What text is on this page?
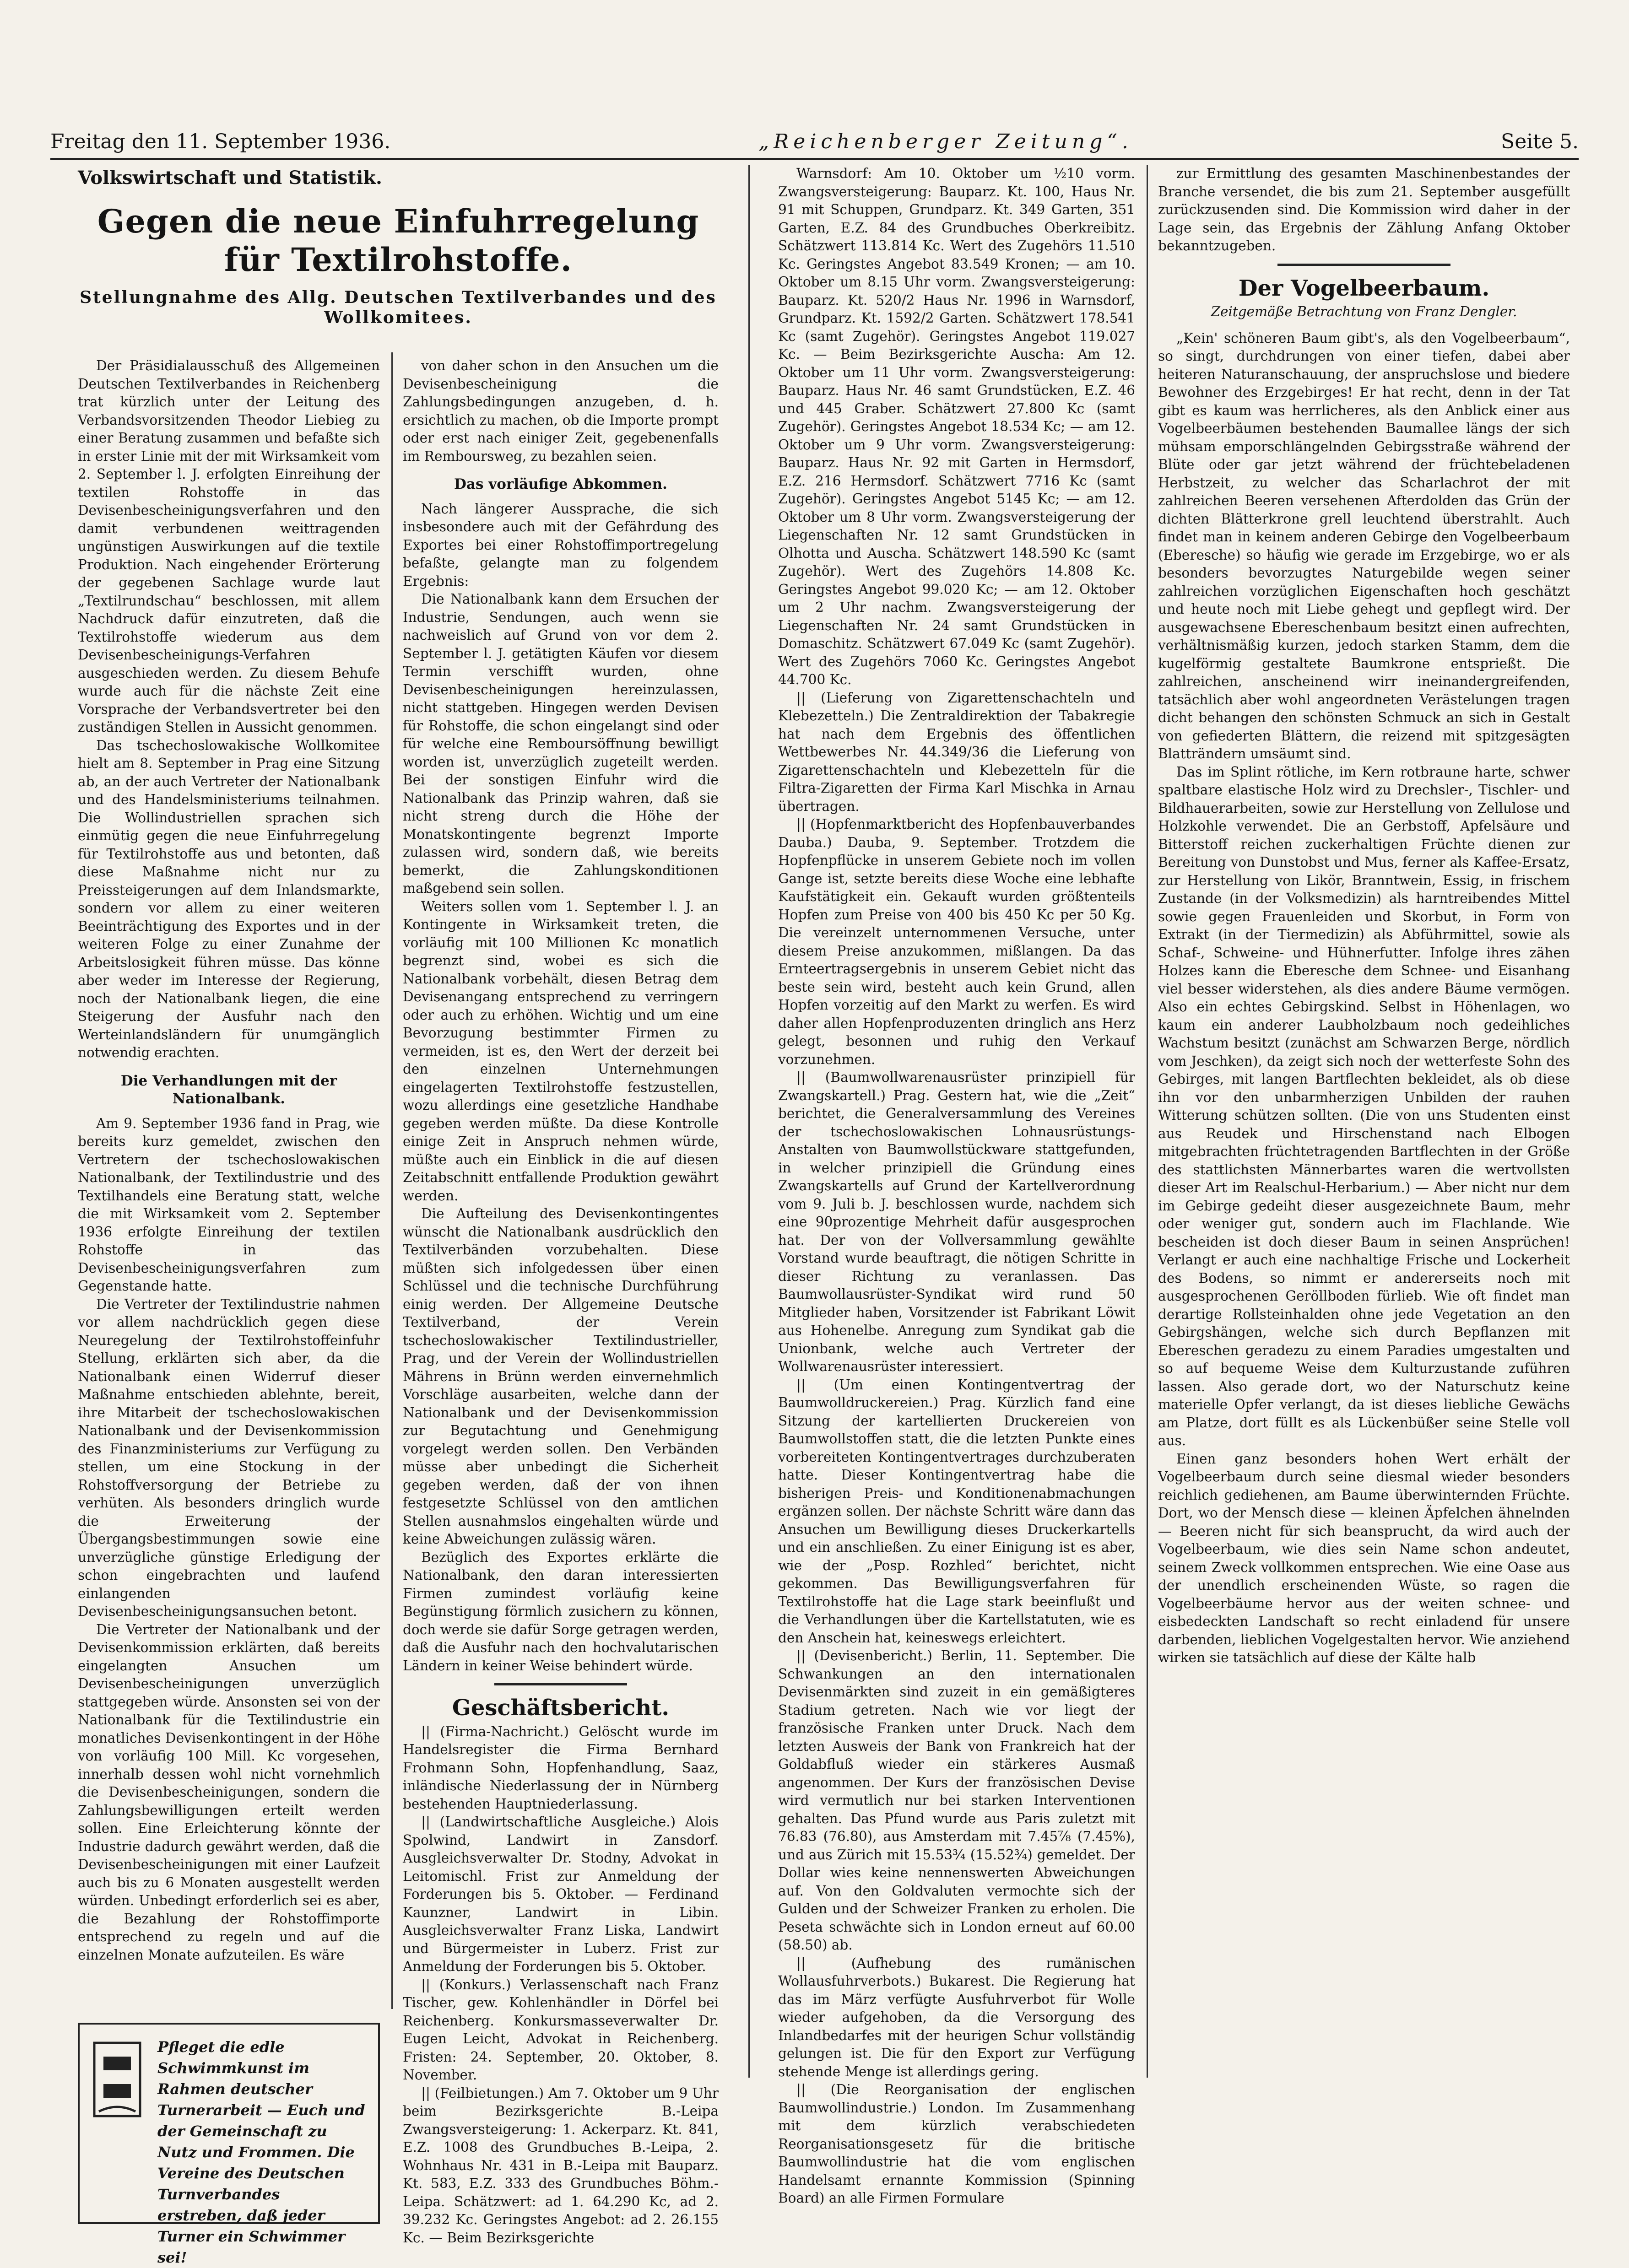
Freitag den 11. September 1936.	„Reichenberger Zeitung“.	Seite 5.
Volkswirtschaft und Statistik.
Gegen die neue Einfuhrregelung für Textilrohstoffe.
Stellungnahme des Allg. Deutschen Textilverbandes und des Wollkomitees.

Der Präsidialausschuß des Allgemeinen Deutschen Textilverbandes in Reichenberg trat kürzlich unter der Leitung des Verbandsvorsitzenden Theodor Liebieg zu einer Beratung zusammen und befaßte sich in erster Linie mit der mit Wirksamkeit vom 2. September l. J. erfolgten Einreihung der textilen Rohstoffe in das Devisenbescheinigungsverfahren und den damit verbundenen weittragenden ungünstigen Auswirkungen auf die textile Produktion. Nach eingehender Erörterung der gegebenen Sachlage wurde laut „Textilrundschau“ beschlossen, mit allem Nachdruck dafür einzutreten, daß die Textilrohstoffe wiederum aus dem Devisenbescheinigungs-Verfahren ausgeschieden werden. Zu diesem Behufe wurde auch für die nächste Zeit eine Vorsprache der Verbandsvertreter bei den zuständigen Stellen in Aussicht genommen.

Das tschechoslowakische Wollkomitee hielt am 8. September in Prag eine Sitzung ab, an der auch Vertreter der Nationalbank und des Handelsministeriums teilnahmen. Die Wollindustriellen sprachen sich einmütig gegen die neue Einfuhrregelung für Textilrohstoffe aus und betonten, daß diese Maßnahme nicht nur zu Preissteigerungen auf dem Inlandsmarkte, sondern vor allem zu einer weiteren Beeinträchtigung des Exportes und in der weiteren Folge zu einer Zunahme der Arbeitslosigkeit führen müsse. Das könne aber weder im Interesse der Regierung, noch der Nationalbank liegen, die eine Steigerung der Ausfuhr nach den Werteinlandsländern für unumgänglich notwendig erachten.

Die Verhandlungen mit der Nationalbank.

Am 9. September 1936 fand in Prag, wie bereits kurz gemeldet, zwischen den Vertretern der tschechoslowakischen Nationalbank, der Textilindustrie und des Textilhandels eine Beratung statt, welche die mit Wirksamkeit vom 2. September 1936 erfolgte Einreihung der textilen Rohstoffe in das Devisenbescheinigungsverfahren zum Gegenstande hatte.

Die Vertreter der Textilindustrie nahmen vor allem nachdrücklich gegen diese Neuregelung der Textilrohstoffeinfuhr Stellung, erklärten sich aber, da die Nationalbank einen Widerruf dieser Maßnahme entschieden ablehnte, bereit, ihre Mitarbeit der tschechoslowakischen Nationalbank und der Devisenkommission des Finanzministeriums zur Verfügung zu stellen, um eine Stockung in der Rohstoffversorgung der Betriebe zu verhüten. Als besonders dringlich wurde die Erweiterung der Übergangsbestimmungen sowie eine unverzügliche günstige Erledigung der schon eingebrachten und laufend einlangenden Devisenbescheinigungsansuchen betont.

Die Vertreter der Nationalbank und der Devisenkommission erklärten, daß bereits eingelangten Ansuchen um Devisenbescheinigungen unverzüglich stattgegeben würde. Ansonsten sei von der Nationalbank für die Textilindustrie ein monatliches Devisenkontingent in der Höhe von vorläufig 100 Mill. Kc vorgesehen, innerhalb dessen wohl nicht vornehmlich die Devisenbescheinigungen, sondern die Zahlungsbewilligungen erteilt werden sollen. Eine Erleichterung könnte der Industrie dadurch gewährt werden, daß die Devisenbescheinigungen mit einer Laufzeit auch bis zu 6 Monaten ausgestellt werden würden. Unbedingt erforderlich sei es aber, die Bezahlung der Rohstoffimporte entsprechend zu regeln und auf die einzelnen Monate aufzuteilen. Es wäre

Pfleget die edle Schwimmkunst im Rahmen deutscher Turnerarbeit — Euch und der Gemeinschaft zu Nutz und Frommen. Die Vereine des Deutschen Turnverbandes erstreben, daß jeder Turner ein Schwimmer sei!

von daher schon in den Ansuchen um die Devisenbescheinigung die Zahlungsbedingungen anzugeben, d. h. ersichtlich zu machen, ob die Importe prompt oder erst nach einiger Zeit, gegebenenfalls im Remboursweg, zu bezahlen seien.

Das vorläufige Abkommen.

Nach längerer Aussprache, die sich insbesondere auch mit der Gefährdung des Exportes bei einer Rohstoffimportregelung befaßte, gelangte man zu folgendem Ergebnis:

Die Nationalbank kann dem Ersuchen der Industrie, Sendungen, auch wenn sie nachweislich auf Grund von vor dem 2. September l. J. getätigten Käufen vor diesem Termin verschifft wurden, ohne Devisenbescheinigungen hereinzulassen, nicht stattgeben. Hingegen werden Devisen für Rohstoffe, die schon eingelangt sind oder für welche eine Remboursöffnung bewilligt worden ist, unverzüglich zugeteilt werden. Bei der sonstigen Einfuhr wird die Nationalbank das Prinzip wahren, daß sie nicht streng durch die Höhe der Monatskontingente begrenzt Importe zulassen wird, sondern daß, wie bereits bemerkt, die Zahlungskonditionen maßgebend sein sollen.

Weiters sollen vom 1. September l. J. an Kontingente in Wirksamkeit treten, die vorläufig mit 100 Millionen Kc monatlich begrenzt sind, wobei es sich die Nationalbank vorbehält, diesen Betrag dem Devisenangang entsprechend zu verringern oder auch zu erhöhen. Wichtig und um eine Bevorzugung bestimmter Firmen zu vermeiden, ist es, den Wert der derzeit bei den einzelnen Unternehmungen eingelagerten Textilrohstoffe festzustellen, wozu allerdings eine gesetzliche Handhabe gegeben werden müßte. Da diese Kontrolle einige Zeit in Anspruch nehmen würde, müßte auch ein Einblick in die auf diesen Zeitabschnitt entfallende Produktion gewährt werden.

Die Aufteilung des Devisenkontingentes wünscht die Nationalbank ausdrücklich den Textilverbänden vorzubehalten. Diese müßten sich infolgedessen über einen Schlüssel und die technische Durchführung einig werden. Der Allgemeine Deutsche Textilverband, der Verein tschechoslowakischer Textilindustrieller, Prag, und der Verein der Wollindustriellen Mährens in Brünn werden einvernehmlich Vorschläge ausarbeiten, welche dann der Nationalbank und der Devisenkommission zur Begutachtung und Genehmigung vorgelegt werden sollen. Den Verbänden müsse aber unbedingt die Sicherheit gegeben werden, daß der von ihnen festgesetzte Schlüssel von den amtlichen Stellen ausnahmslos eingehalten würde und keine Abweichungen zulässig wären.

Bezüglich des Exportes erklärte die Nationalbank, den daran interessierten Firmen zumindest vorläufig keine Begünstigung förmlich zusichern zu können, doch werde sie dafür Sorge getragen werden, daß die Ausfuhr nach den hochvalutarischen Ländern in keiner Weise behindert würde.

Geschäftsbericht.

|| (Firma-Nachricht.) Gelöscht wurde im Handelsregister die Firma Bernhard Frohmann Sohn, Hopfenhandlung, Saaz, inländische Niederlassung der in Nürnberg bestehenden Hauptniederlassung.

|| (Landwirtschaftliche Ausgleiche.) Alois Spolwind, Landwirt in Zansdorf. Ausgleichsverwalter Dr. Stodny, Advokat in Leitomischl. Frist zur Anmeldung der Forderungen bis 5. Oktober. — Ferdinand Kaunzner, Landwirt in Libin. Ausgleichsverwalter Franz Liska, Landwirt und Bürgermeister in Luberz. Frist zur Anmeldung der Forderungen bis 5. Oktober.

|| (Konkurs.) Verlassenschaft nach Franz Tischer, gew. Kohlenhändler in Dörfel bei Reichenberg. Konkursmasseverwalter Dr. Eugen Leicht, Advokat in Reichenberg. Fristen: 24. September, 20. Oktober, 8. November.

|| (Feilbietungen.) Am 7. Oktober um 9 Uhr beim Bezirksgerichte B.-Leipa Zwangsversteigerung: 1. Ackerparz. Kt. 841, E.Z. 1008 des Grundbuches B.-Leipa, 2. Wohnhaus Nr. 431 in B.-Leipa mit Bauparz. Kt. 583, E.Z. 333 des Grundbuches Böhm.-Leipa. Schätzwert: ad 1. 64.290 Kc, ad 2. 39.232 Kc. Geringstes Angebot: ad 2. 26.155 Kc. — Beim Bezirksgerichte

Warnsdorf: Am 10. Oktober um ½10 vorm. Zwangsversteigerung: Bauparz. Kt. 100, Haus Nr. 91 mit Schuppen, Grundparz. Kt. 349 Garten, 351 Garten, E.Z. 84 des Grundbuches Oberkreibitz. Schätzwert 113.814 Kc. Wert des Zugehörs 11.510 Kc. Geringstes Angebot 83.549 Kronen; — am 10. Oktober um 8.15 Uhr vorm. Zwangsversteigerung: Bauparz. Kt. 520/2 Haus Nr. 1996 in Warnsdorf, Grundparz. Kt. 1592/2 Garten. Schätzwert 178.541 Kc (samt Zugehör). Geringstes Angebot 119.027 Kc. — Beim Bezirksgerichte Auscha: Am 12. Oktober um 11 Uhr vorm. Zwangsversteigerung: Bauparz. Haus Nr. 46 samt Grundstücken, E.Z. 46 und 445 Graber. Schätzwert 27.800 Kc (samt Zugehör). Geringstes Angebot 18.534 Kc; — am 12. Oktober um 9 Uhr vorm. Zwangsversteigerung: Bauparz. Haus Nr. 92 mit Garten in Hermsdorf, E.Z. 216 Hermsdorf. Schätzwert 7716 Kc (samt Zugehör). Geringstes Angebot 5145 Kc; — am 12. Oktober um 8 Uhr vorm. Zwangsversteigerung der Liegenschaften Nr. 12 samt Grundstücken in Olhotta und Auscha. Schätzwert 148.590 Kc (samt Zugehör). Wert des Zugehörs 14.808 Kc. Geringstes Angebot 99.020 Kc; — am 12. Oktober um 2 Uhr nachm. Zwangsversteigerung der Liegenschaften Nr. 24 samt Grundstücken in Domaschitz. Schätzwert 67.049 Kc (samt Zugehör). Wert des Zugehörs 7060 Kc. Geringstes Angebot 44.700 Kc.

|| (Lieferung von Zigarettenschachteln und Klebezetteln.) Die Zentraldirektion der Tabakregie hat nach dem Ergebnis des öffentlichen Wettbewerbes Nr. 44.349/36 die Lieferung von Zigarettenschachteln und Klebezetteln für die Filtra-Zigaretten der Firma Karl Mischka in Arnau übertragen.

|| (Hopfenmarktbericht des Hopfenbauverbandes Dauba.) Dauba, 9. September. Trotzdem die Hopfenpflücke in unserem Gebiete noch im vollen Gange ist, setzte bereits diese Woche eine lebhafte Kaufstätigkeit ein. Gekauft wurden größtenteils Hopfen zum Preise von 400 bis 450 Kc per 50 Kg. Die vereinzelt unternommenen Versuche, unter diesem Preise anzukommen, mißlangen. Da das Ernteertragsergebnis in unserem Gebiet nicht das beste sein wird, besteht auch kein Grund, allen Hopfen vorzeitig auf den Markt zu werfen. Es wird daher allen Hopfenproduzenten dringlich ans Herz gelegt, besonnen und ruhig den Verkauf vorzunehmen.

|| (Baumwollwarenausrüster prinzipiell für Zwangskartell.) Prag. Gestern hat, wie die „Zeit“ berichtet, die Generalversammlung des Vereines der tschechoslowakischen Lohnausrüstungs-Anstalten von Baumwollstückware stattgefunden, in welcher prinzipiell die Gründung eines Zwangskartells auf Grund der Kartellverordnung vom 9. Juli b. J. beschlossen wurde, nachdem sich eine 90prozentige Mehrheit dafür ausgesprochen hat. Der von der Vollversammlung gewählte Vorstand wurde beauftragt, die nötigen Schritte in dieser Richtung zu veranlassen. Das Baumwollausrüster-Syndikat wird rund 50 Mitglieder haben, Vorsitzender ist Fabrikant Löwit aus Hohenelbe. Anregung zum Syndikat gab die Unionbank, welche auch Vertreter der Wollwarenausrüster interessiert.

|| (Um einen Kontingentvertrag der Baumwolldruckereien.) Prag. Kürzlich fand eine Sitzung der kartellierten Druckereien von Baumwollstoffen statt, die die letzten Punkte eines vorbereiteten Kontingentvertrages durchzuberaten hatte. Dieser Kontingentvertrag habe die bisherigen Preis- und Konditionenabmachungen ergänzen sollen. Der nächste Schritt wäre dann das Ansuchen um Bewilligung dieses Druckerkartells und ein anschließen. Zu einer Einigung ist es aber, wie der „Posp. Rozhled“ berichtet, nicht gekommen. Das Bewilligungsverfahren für Textilrohstoffe hat die Lage stark beeinflußt und die Verhandlungen über die Kartellstatuten, wie es den Anschein hat, keineswegs erleichtert.

|| (Devisenbericht.) Berlin, 11. September. Die Schwankungen an den internationalen Devisenmärkten sind zuzeit in ein gemäßigteres Stadium getreten. Nach wie vor liegt der französische Franken unter Druck. Nach dem letzten Ausweis der Bank von Frankreich hat der Goldabfluß wieder ein stärkeres Ausmaß angenommen. Der Kurs der französischen Devise wird vermutlich nur bei starken Interventionen gehalten. Das Pfund wurde aus Paris zuletzt mit 76.83 (76.80), aus Amsterdam mit 7.45⅞ (7.45%), und aus Zürich mit 15.53¾ (15.52¾) gemeldet. Der Dollar wies keine nennenswerten Abweichungen auf. Von den Goldvaluten vermochte sich der Gulden und der Schweizer Franken zu erholen. Die Peseta schwächte sich in London erneut auf 60.00 (58.50) ab.

|| (Aufhebung des rumänischen Wollausfuhrverbots.) Bukarest. Die Regierung hat das im März verfügte Ausfuhrverbot für Wolle wieder aufgehoben, da die Versorgung des Inlandbedarfes mit der heurigen Schur vollständig gelungen ist. Die für den Export zur Verfügung stehende Menge ist allerdings gering.

|| (Die Reorganisation der englischen Baumwollindustrie.) London. Im Zusammenhang mit dem kürzlich verabschiedeten Reorganisationsgesetz für die britische Baumwollindustrie hat die vom englischen Handelsamt ernannte Kommission (Spinning Board) an alle Firmen Formulare

zur Ermittlung des gesamten Maschinenbestandes der Branche versendet, die bis zum 21. September ausgefüllt zurückzusenden sind. Die Kommission wird daher in der Lage sein, das Ergebnis der Zählung Anfang Oktober bekanntzugeben.

Der Vogelbeerbaum.
Zeitgemäße Betrachtung von Franz Dengler.

„Kein' schöneren Baum gibt's, als den Vogelbeerbaum“, so singt, durchdrungen von einer tiefen, dabei aber heiteren Naturanschauung, der anspruchslose und biedere Bewohner des Erzgebirges! Er hat recht, denn in der Tat gibt es kaum was herrlicheres, als den Anblick einer aus Vogelbeerbäumen bestehenden Baumallee längs der sich mühsam emporschlängelnden Gebirgsstraße während der Blüte oder gar jetzt während der früchtebeladenen Herbstzeit, zu welcher das Scharlachrot der mit zahlreichen Beeren versehenen Afterdolden das Grün der dichten Blätterkrone grell leuchtend überstrahlt. Auch findet man in keinem anderen Gebirge den Vogelbeerbaum (Eberesche) so häufig wie gerade im Erzgebirge, wo er als besonders bevorzugtes Naturgebilde wegen seiner zahlreichen vorzüglichen Eigenschaften hoch geschätzt und heute noch mit Liebe gehegt und gepflegt wird. Der ausgewachsene Ebereschenbaum besitzt einen aufrechten, verhältnismäßig kurzen, jedoch starken Stamm, dem die kugelförmig gestaltete Baumkrone entsprießt. Die zahlreichen, anscheinend wirr ineinandergreifenden, tatsächlich aber wohl angeordneten Verästelungen tragen dicht behangen den schönsten Schmuck an sich in Gestalt von gefiederten Blättern, die reizend mit spitzgesägten Blatträndern umsäumt sind.

Das im Splint rötliche, im Kern rotbraune harte, schwer spaltbare elastische Holz wird zu Drechsler-, Tischler- und Bildhauerarbeiten, sowie zur Herstellung von Zellulose und Holzkohle verwendet. Die an Gerbstoff, Apfelsäure und Bitterstoff reichen zuckerhaltigen Früchte dienen zur Bereitung von Dunstobst und Mus, ferner als Kaffee-Ersatz, zur Herstellung von Likör, Branntwein, Essig, in frischem Zustande (in der Volksmedizin) als harntreibendes Mittel sowie gegen Frauenleiden und Skorbut, in Form von Extrakt (in der Tiermedizin) als Abführmittel, sowie als Schaf-, Schweine- und Hühnerfutter. Infolge ihres zähen Holzes kann die Eberesche dem Schnee- und Eisanhang viel besser widerstehen, als dies andere Bäume vermögen. Also ein echtes Gebirgskind. Selbst in Höhenlagen, wo kaum ein anderer Laubholzbaum noch gedeihliches Wachstum besitzt (zunächst am Schwarzen Berge, nördlich vom Jeschken), da zeigt sich noch der wetterfeste Sohn des Gebirges, mit langen Bartflechten bekleidet, als ob diese ihn vor den unbarmherzigen Unbilden der rauhen Witterung schützen sollten. (Die von uns Studenten einst aus Reudek und Hirschenstand nach Elbogen mitgebrachten früchtetragenden Bartflechten in der Größe des stattlichsten Männerbartes waren die wertvollsten dieser Art im Realschul-Herbarium.) — Aber nicht nur dem im Gebirge gedeiht dieser ausgezeichnete Baum, mehr oder weniger gut, sondern auch im Flachlande. Wie bescheiden ist doch dieser Baum in seinen Ansprüchen! Verlangt er auch eine nachhaltige Frische und Lockerheit des Bodens, so nimmt er andererseits noch mit ausgesprochenen Geröllboden fürlieb. Wie oft findet man derartige Rollsteinhalden ohne jede Vegetation an den Gebirgshängen, welche sich durch Bepflanzen mit Ebereschen geradezu zu einem Paradies umgestalten und so auf bequeme Weise dem Kulturzustande zuführen lassen. Also gerade dort, wo der Naturschutz keine materielle Opfer verlangt, da ist dieses liebliche Gewächs am Platze, dort füllt es als Lückenbüßer seine Stelle voll aus.

Einen ganz besonders hohen Wert erhält der Vogelbeerbaum durch seine diesmal wieder besonders reichlich gediehenen, am Baume überwinternden Früchte. Dort, wo der Mensch diese — kleinen Äpfelchen ähnelnden — Beeren nicht für sich beansprucht, da wird auch der Vogelbeerbaum, wie dies sein Name schon andeutet, seinem Zweck vollkommen entsprechen. Wie eine Oase aus der unendlich erscheinenden Wüste, so ragen die Vogelbeerbäume hervor aus der weiten schnee- und eisbedeckten Landschaft so recht einladend für unsere darbenden, lieblichen Vogelgestalten hervor. Wie anziehend wirken sie tatsächlich auf diese der Kälte halb
